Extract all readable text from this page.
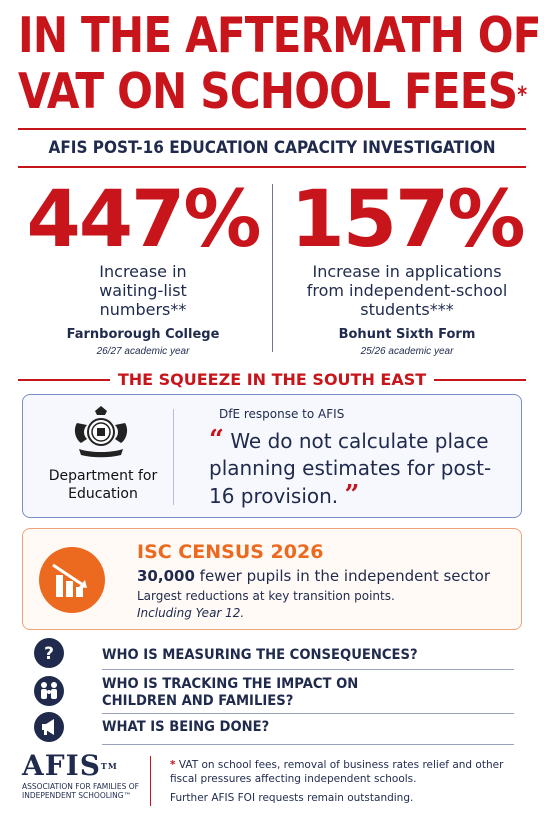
IN THE AFTERMATH OF
VAT ON SCHOOL FEES*
AFIS POST-16 EDUCATION CAPACITY INVESTIGATION
447%
Increase in waiting-list numbers**
Farnborough College
26/27 academic year
157%
Increase in applications from independent-school students***
Bohunt Sixth Form
25/26 academic year
THE SQUEEZE IN THE SOUTH EAST
Department for Education
DfE response to AFIS
“ We do not calculate place planning estimates for post-16 provision. ”
ISC CENSUS 2026
30,000 fewer pupils in the independent sector
Largest reductions at key transition points.
Including Year 12.
?	WHO IS MEASURING THE CONSEQUENCES?
WHO IS TRACKING THE IMPACT ON CHILDREN AND FAMILIES?
WHAT IS BEING DONE?
AFIS™
ASSOCIATION FOR FAMILIES OF INDEPENDENT SCHOOLING™
* VAT on school fees, removal of business rates relief and other fiscal pressures affecting independent schools.
Further AFIS FOI requests remain outstanding.
